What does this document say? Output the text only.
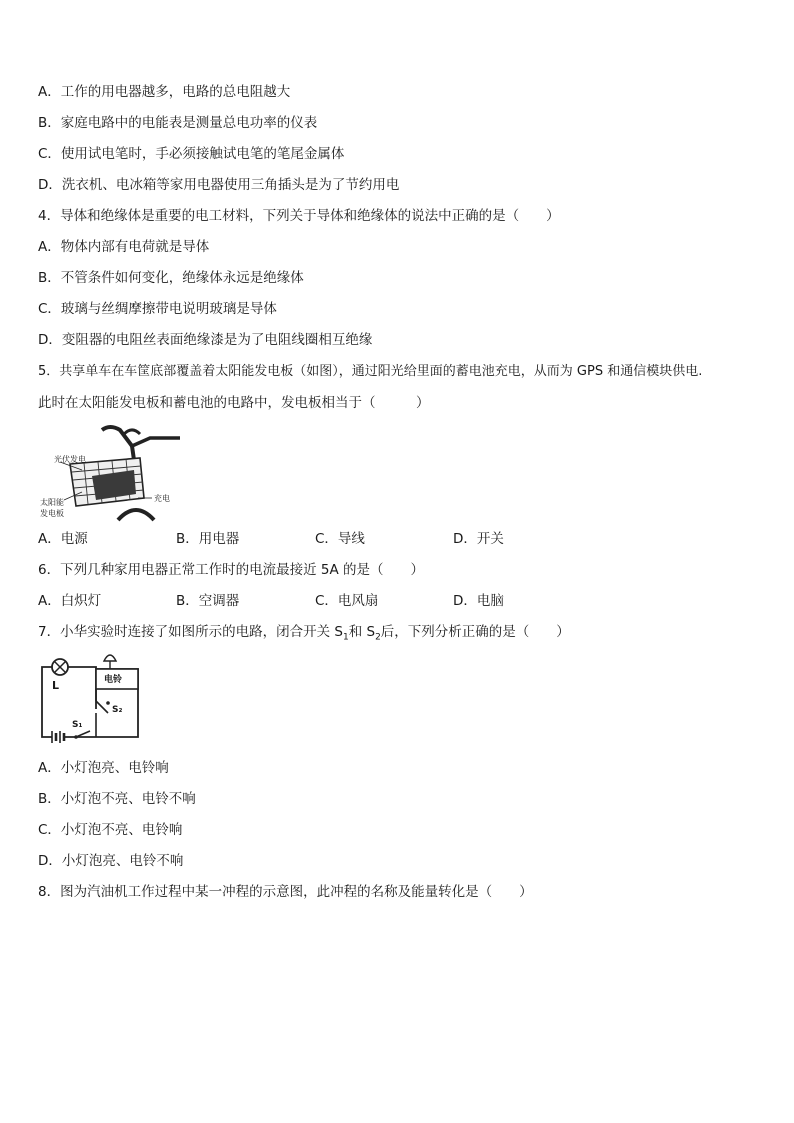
A．工作的用电器越多，电路的总电阻越大
B．家庭电路中的电能表是测量总电功率的仪表
C．使用试电笔时，手必须接触试电笔的笔尾金属体
D．洗衣机、电冰箱等家用电器使用三角插头是为了节约用电
4．导体和绝缘体是重要的电工材料，下列关于导体和绝缘体的说法中正确的是（　　）
A．物体内部有电荷就是导体
B．不管条件如何变化，绝缘体永远是绝缘体
C．玻璃与丝绸摩擦带电说明玻璃是导体
D．变阻器的电阻丝表面绝缘漆是为了电阻线圈相互绝缘
5．共享单车在车筐底部覆盖着太阳能发电板（如图），通过阳光给里面的蓄电池充电，从而为 GPS 和通信模块供电.
此时在太阳能发电板和蓄电池的电路中，发电板相当于（　　　）
光伏发电
太阳能
发电板
充电
A．电源	B．用电器	C．导线	D．开关
6．下列几种家用电器正常工作时的电流最接近 5A 的是（　　）
A．白炽灯	B．空调器	C．电风扇	D．电脑
7．小华实验时连接了如图所示的电路，闭合开关 $S_1$和 $S_2$后，下列分析正确的是（　　）
L	电铃
S₂
S₁
A．小灯泡亮、电铃响
B．小灯泡不亮、电铃不响
C．小灯泡不亮、电铃响
D．小灯泡亮、电铃不响
8．图为汽油机工作过程中某一冲程的示意图，此冲程的名称及能量转化是（　　）
